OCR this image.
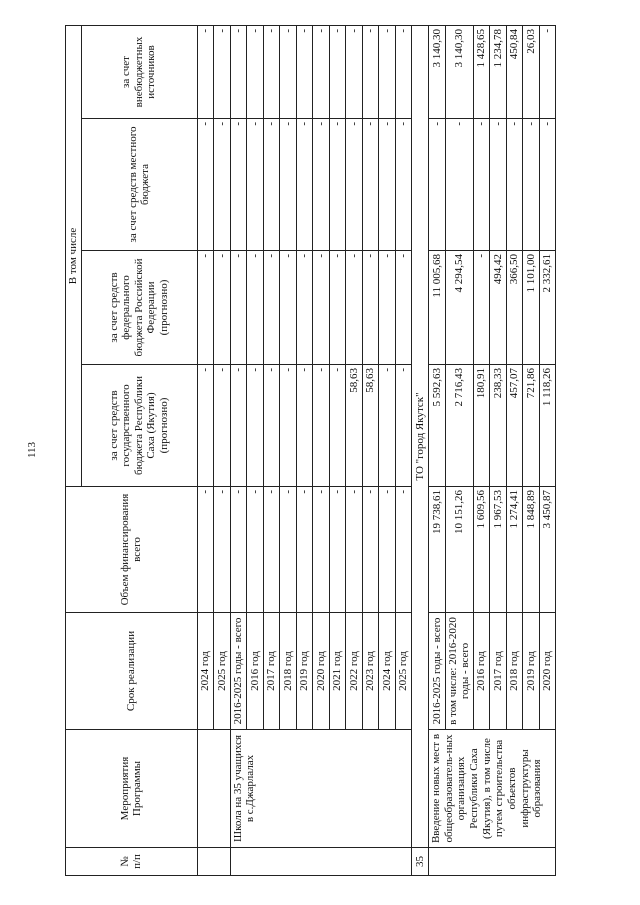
113
№ п/п	Мероприятия Программы	Срок реализации	Объем финансирования всего	В том числе			
				за счет средств государственного бюджета Республики Саха (Якутия) (прогнозно)	за счет средств федерального бюджета Российской Федерации (прогнозно)	за счет средств местного бюджета	за счет внебюджетных источников
		2024 год	-	-	-	-	-
		2025 год	-	-	-	-	-
	Школа на 35 учащихся в с.Джарлалах	2016-2025 годы - всего	-	-	-	-	-
		2016 год	-	-	-	-	-
		2017 год	-	-	-	-	-
		2018 год	-	-	-	-	-
		2019 год	-	-	-	-	-
		2020 год	-	-	-	-	-
		2021 год	-	-	-	-	-
		2022 год	-	58,63	-	-	-
		2023 год	-	58,63	-	-	-
		2024 год	-	-	-	-	-
		2025 год	-	-	-	-	-
35	ТО "город Якутск"						
	Введение новых мест в общеобразователь-ных организациях Республики Саха (Якутия), в том числе путем строительства объектов инфраструктуры образования	2016-2025 годы - всего	19 738,61	5 592,63	11 005,68	-	3 140,30
		в том числе: 2016-2020 годы - всего	10 151,26	2 716,43	4 294,54	-	3 140,30
		2016 год	1 609,56	180,91	-	-	1 428,65
		2017 год	1 967,53	238,33	494,42	-	1 234,78
		2018 год	1 274,41	457,07	366,50	-	450,84
		2019 год	1 848,89	721,86	1 101,00	-	26,03
		2020 год	3 450,87	1 118,26	2 332,61	-	-
